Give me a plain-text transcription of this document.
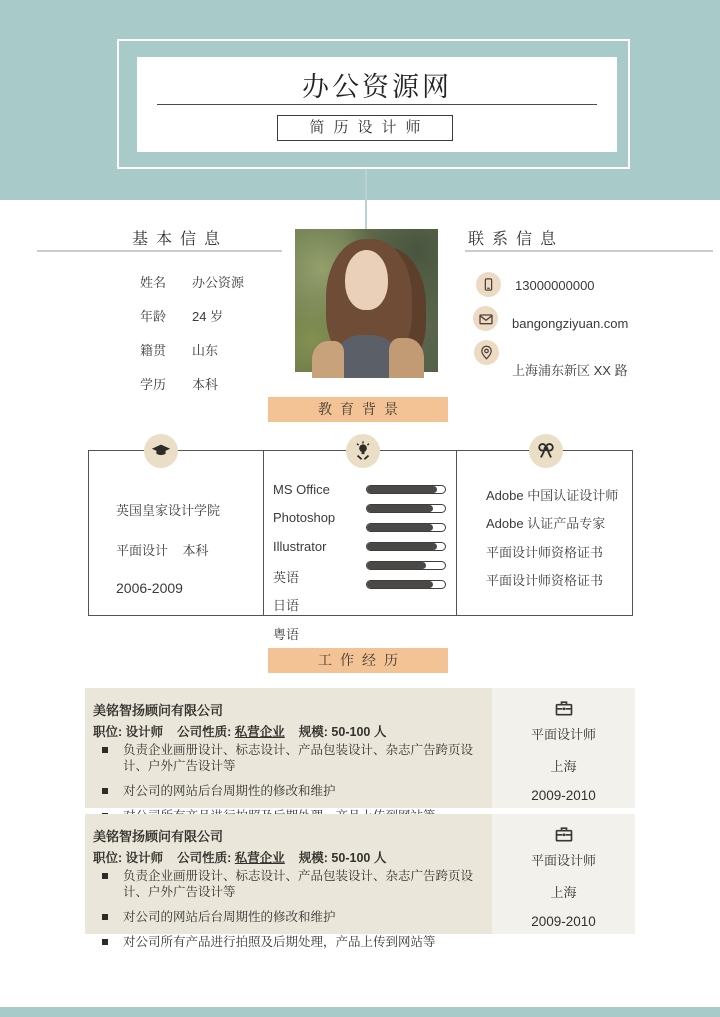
办公资源网
简历设计师
基本信息
姓名 办公资源
年龄 24 岁
籍贯 山东
学历 本科
联系信息
13000000000
bangongziyuan.com
上海浦东新区 XX 路
教育背景
英国皇家设计学院
平面设计    本科
2006-2009
MS Office
Photoshop
Illustrator
英语
日语
粤语
Adobe 中国认证设计师
Adobe 认证产品专家
平面设计师资格证书
平面设计师资格证书
工作经历
美铭智扬顾问有限公司
职位: 设计师 公司性质: 私营企业 规模: 50-100 人
负责企业画册设计、标志设计、产品包装设计、杂志广告跨页设计、户外广告设计等
对公司的网站后台周期性的修改和维护
平面设计师
上海
2009-2010
美铭智扬顾问有限公司
职位: 设计师 公司性质: 私营企业 规模: 50-100 人
负责企业画册设计、标志设计、产品包装设计、杂志广告跨页设计、户外广告设计等
对公司的网站后台周期性的修改和维护
对公司所有产品进行拍照及后期处理，产品上传到网站等
平面设计师
上海
2009-2010
